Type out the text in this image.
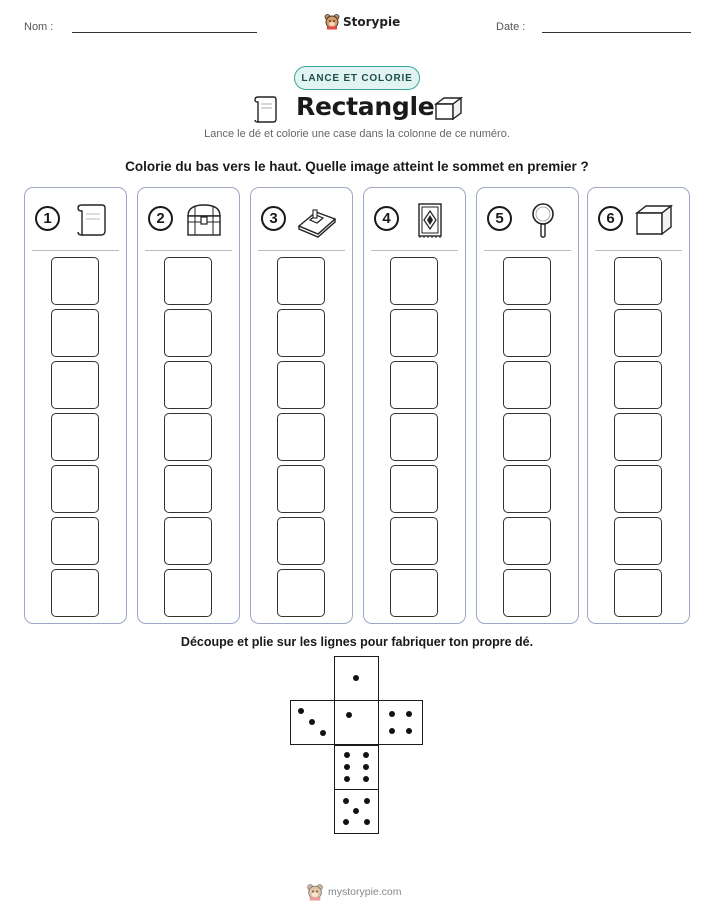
Nom :	Storypie	Date :
LANCE ET COLORIE
Rectangle
Lance le dé et colorie une case dans la colonne de ce numéro.
Colorie du bas vers le haut. Quelle image atteint le sommet en premier ?
1	2	3	4	5	6
Découpe et plie sur les lignes pour fabriquer ton propre dé.
mystorypie.com
